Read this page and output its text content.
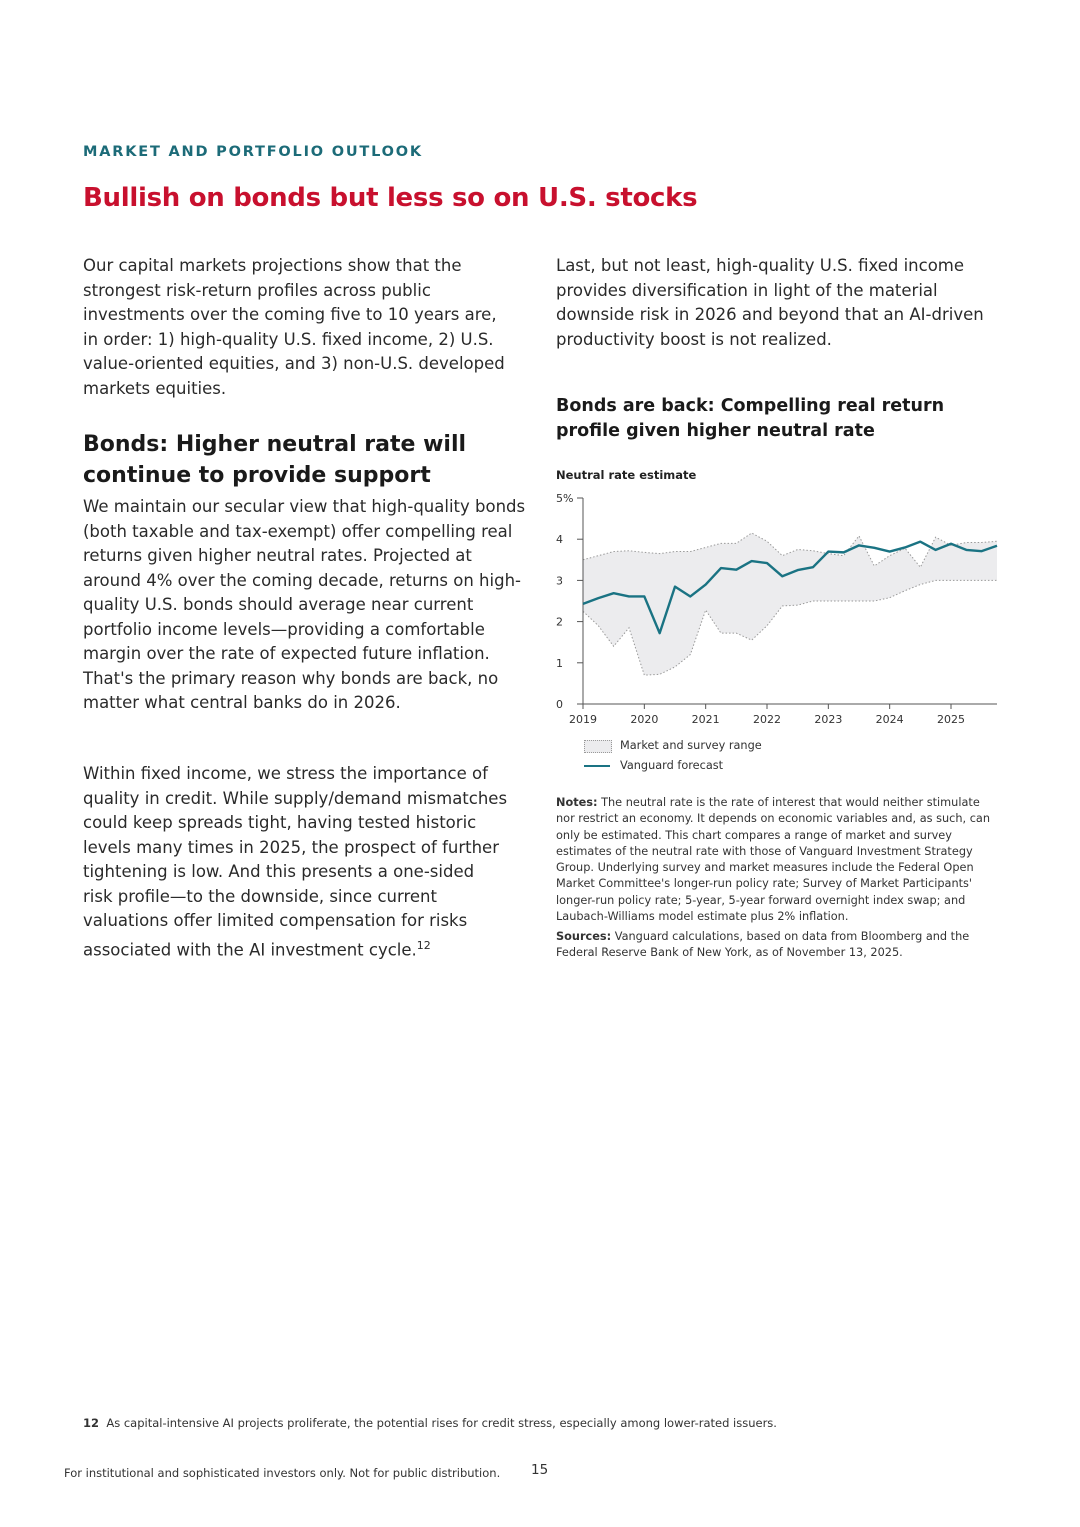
MARKET AND PORTFOLIO OUTLOOK
Bullish on bonds but less so on U.S. stocks
Our capital markets projections show that the strongest risk-return profiles across public investments over the coming five to 10 years are, in order: 1) high-quality U.S. fixed income, 2) U.S. value-oriented equities, and 3) non-U.S. developed markets equities.
Bonds: Higher neutral rate will continue to provide support
We maintain our secular view that high-quality bonds (both taxable and tax-exempt) offer compelling real returns given higher neutral rates. Projected at around 4% over the coming decade, returns on high-quality U.S. bonds should average near current portfolio income levels—providing a comfortable margin over the rate of expected future inflation. That's the primary reason why bonds are back, no matter what central banks do in 2026.
Within fixed income, we stress the importance of quality in credit. While supply/demand mismatches could keep spreads tight, having tested historic levels many times in 2025, the prospect of further tightening is low. And this presents a one-sided risk profile—to the downside, since current valuations offer limited compensation for risks associated with the AI investment cycle.$^{12}$
Last, but not least, high-quality U.S. fixed income provides diversification in light of the material downside risk in 2026 and beyond that an AI-driven productivity boost is not realized.
Bonds are back: Compelling real return profile given higher neutral rate
Neutral rate estimate
0
1
2
3
4
5%
2019	2020	2021	2022	2023	2024	2025
Market and survey range
Vanguard forecast
Notes: The neutral rate is the rate of interest that would neither stimulate nor restrict an economy. It depends on economic variables and, as such, can only be estimated. This chart compares a range of market and survey estimates of the neutral rate with those of Vanguard Investment Strategy Group. Underlying survey and market measures include the Federal Open Market Committee's longer-run policy rate; Survey of Market Participants' longer-run policy rate; 5-year, 5-year forward overnight index swap; and Laubach-Williams model estimate plus 2% inflation.
Sources: Vanguard calculations, based on data from Bloomberg and the Federal Reserve Bank of New York, as of November 13, 2025.
12 As capital-intensive AI projects proliferate, the potential rises for credit stress, especially among lower-rated issuers.
For institutional and sophisticated investors only. Not for public distribution. 15
